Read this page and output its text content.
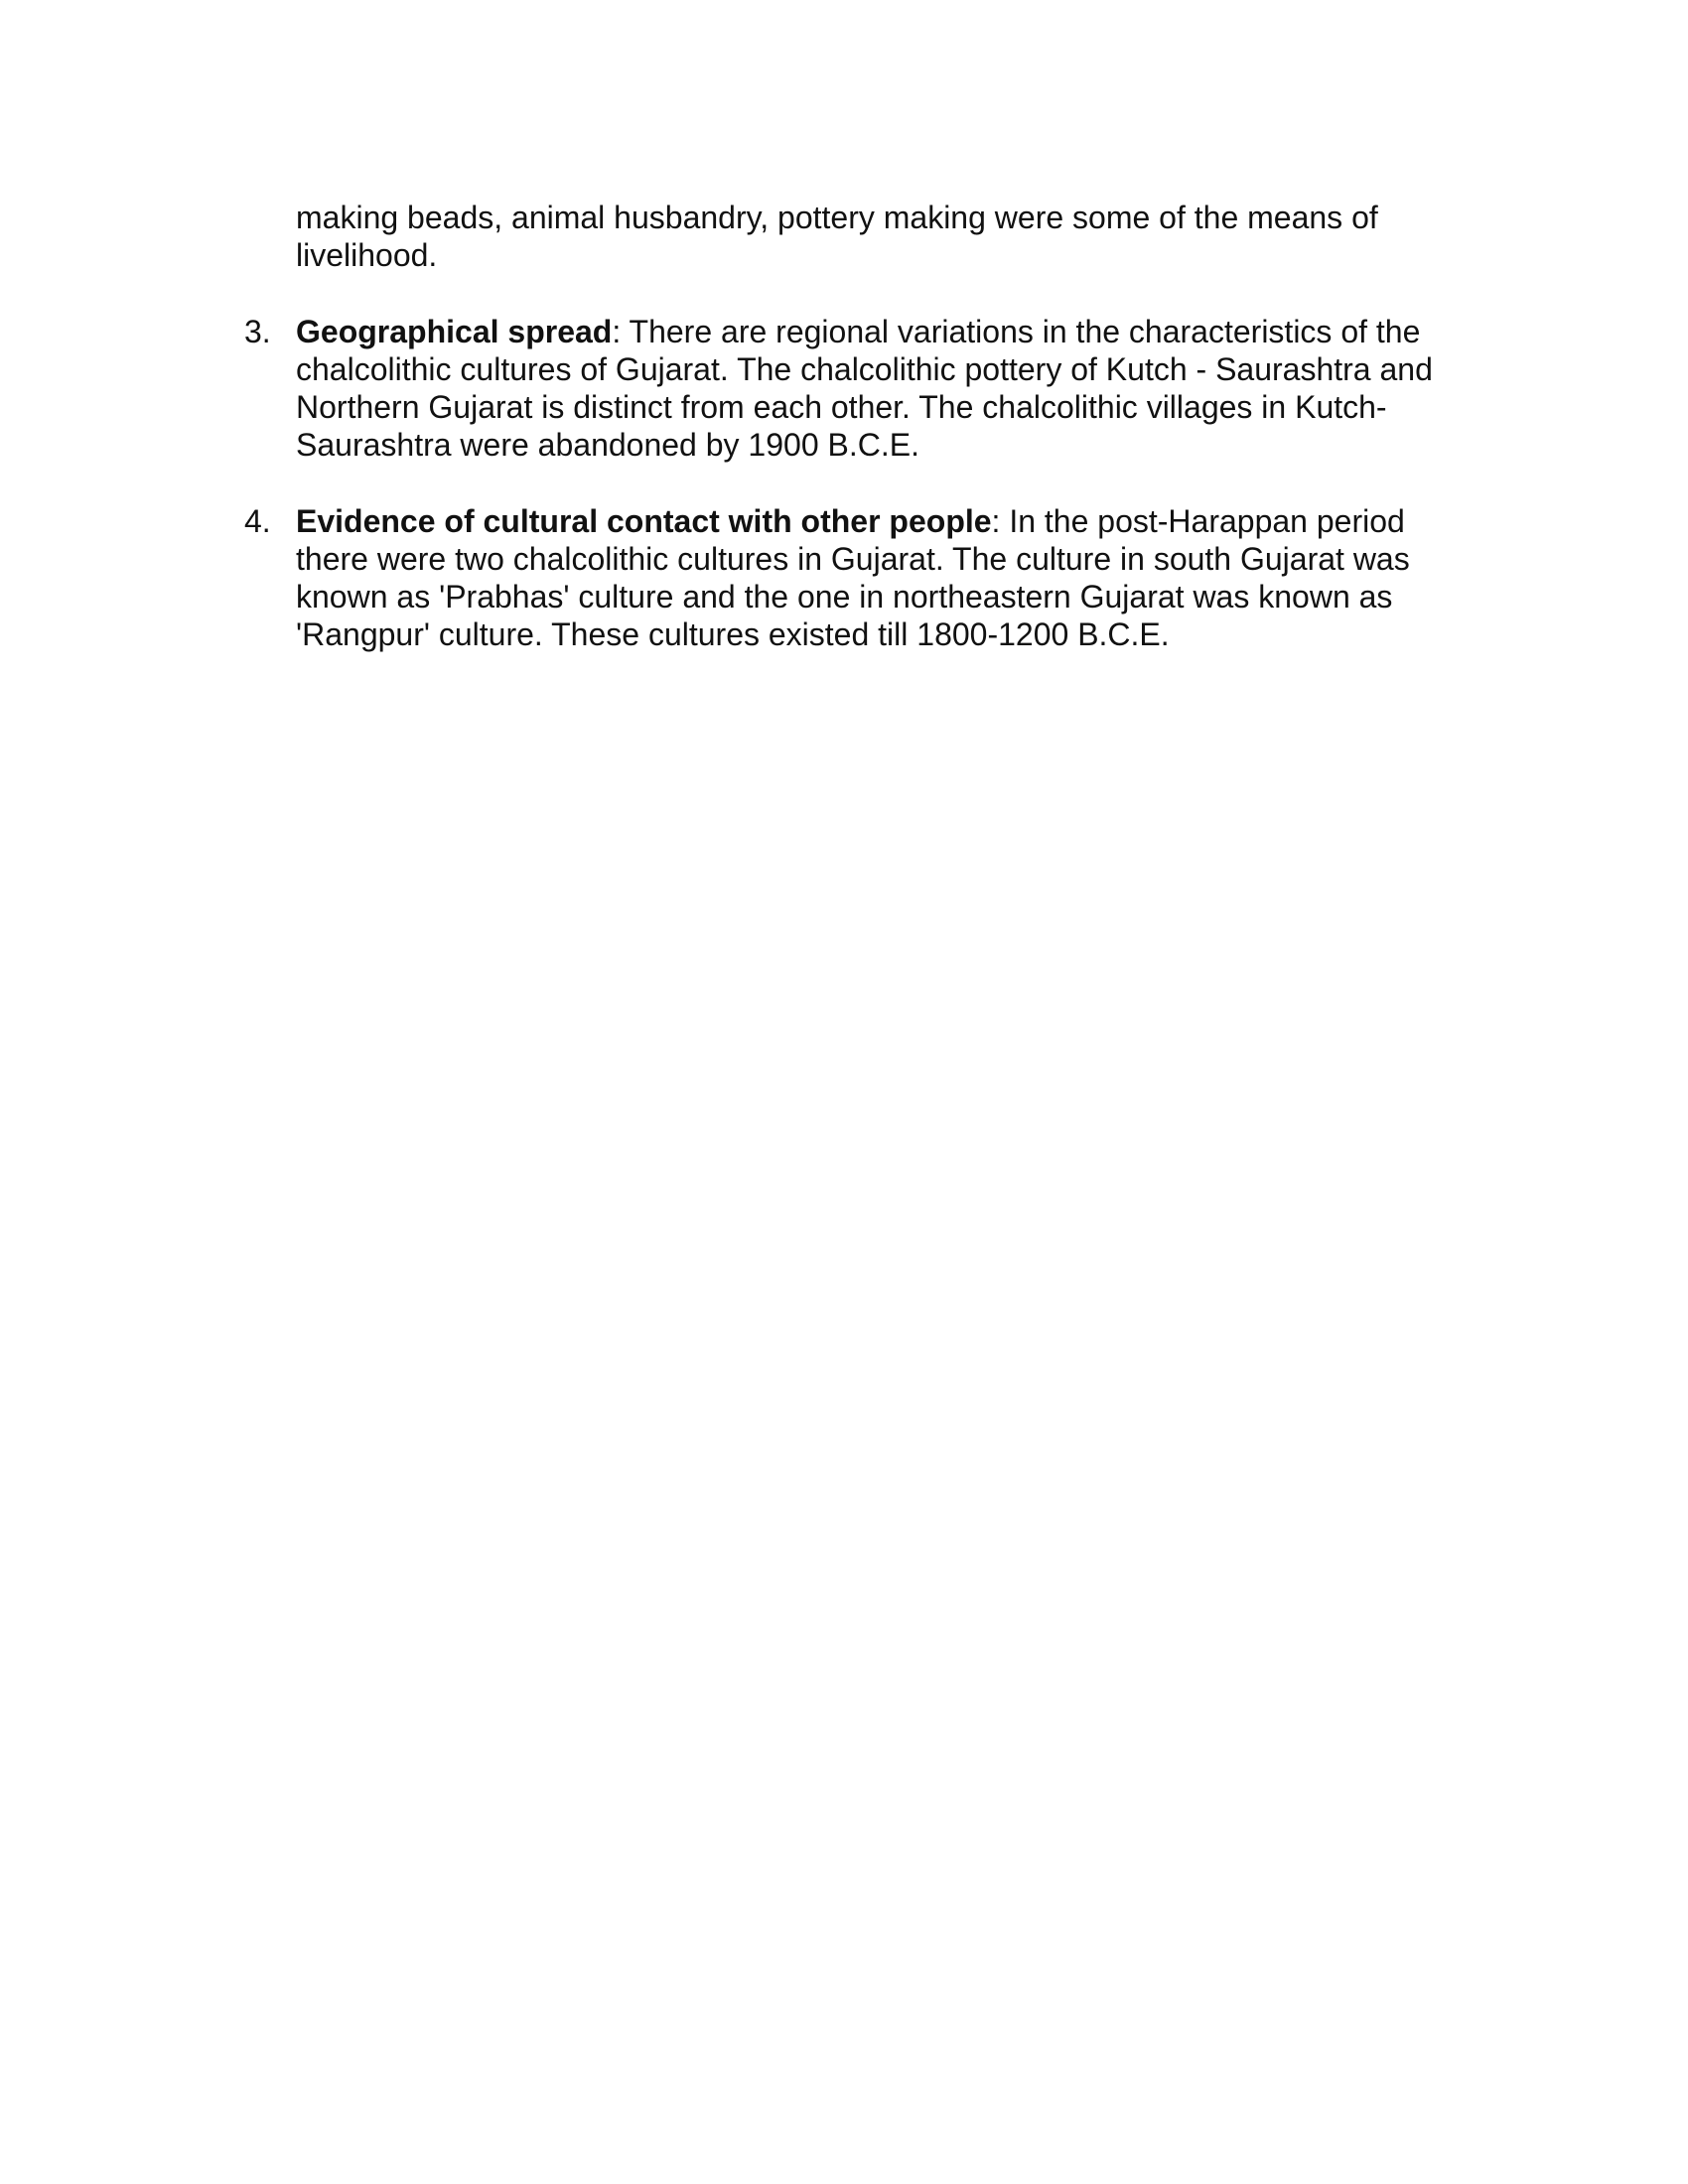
making beads, animal husbandry, pottery making were some of the means of
livelihood.
3. Geographical spread: There are regional variations in the characteristics of the
chalcolithic cultures of Gujarat. The chalcolithic pottery of Kutch - Saurashtra and
Northern Gujarat is distinct from each other. The chalcolithic villages in Kutch-
Saurashtra were abandoned by 1900 B.C.E.
4. Evidence of cultural contact with other people: In the post-Harappan period
there were two chalcolithic cultures in Gujarat. The culture in south Gujarat was
known as 'Prabhas' culture and the one in northeastern Gujarat was known as
'Rangpur' culture. These cultures existed till 1800-1200 B.C.E.
